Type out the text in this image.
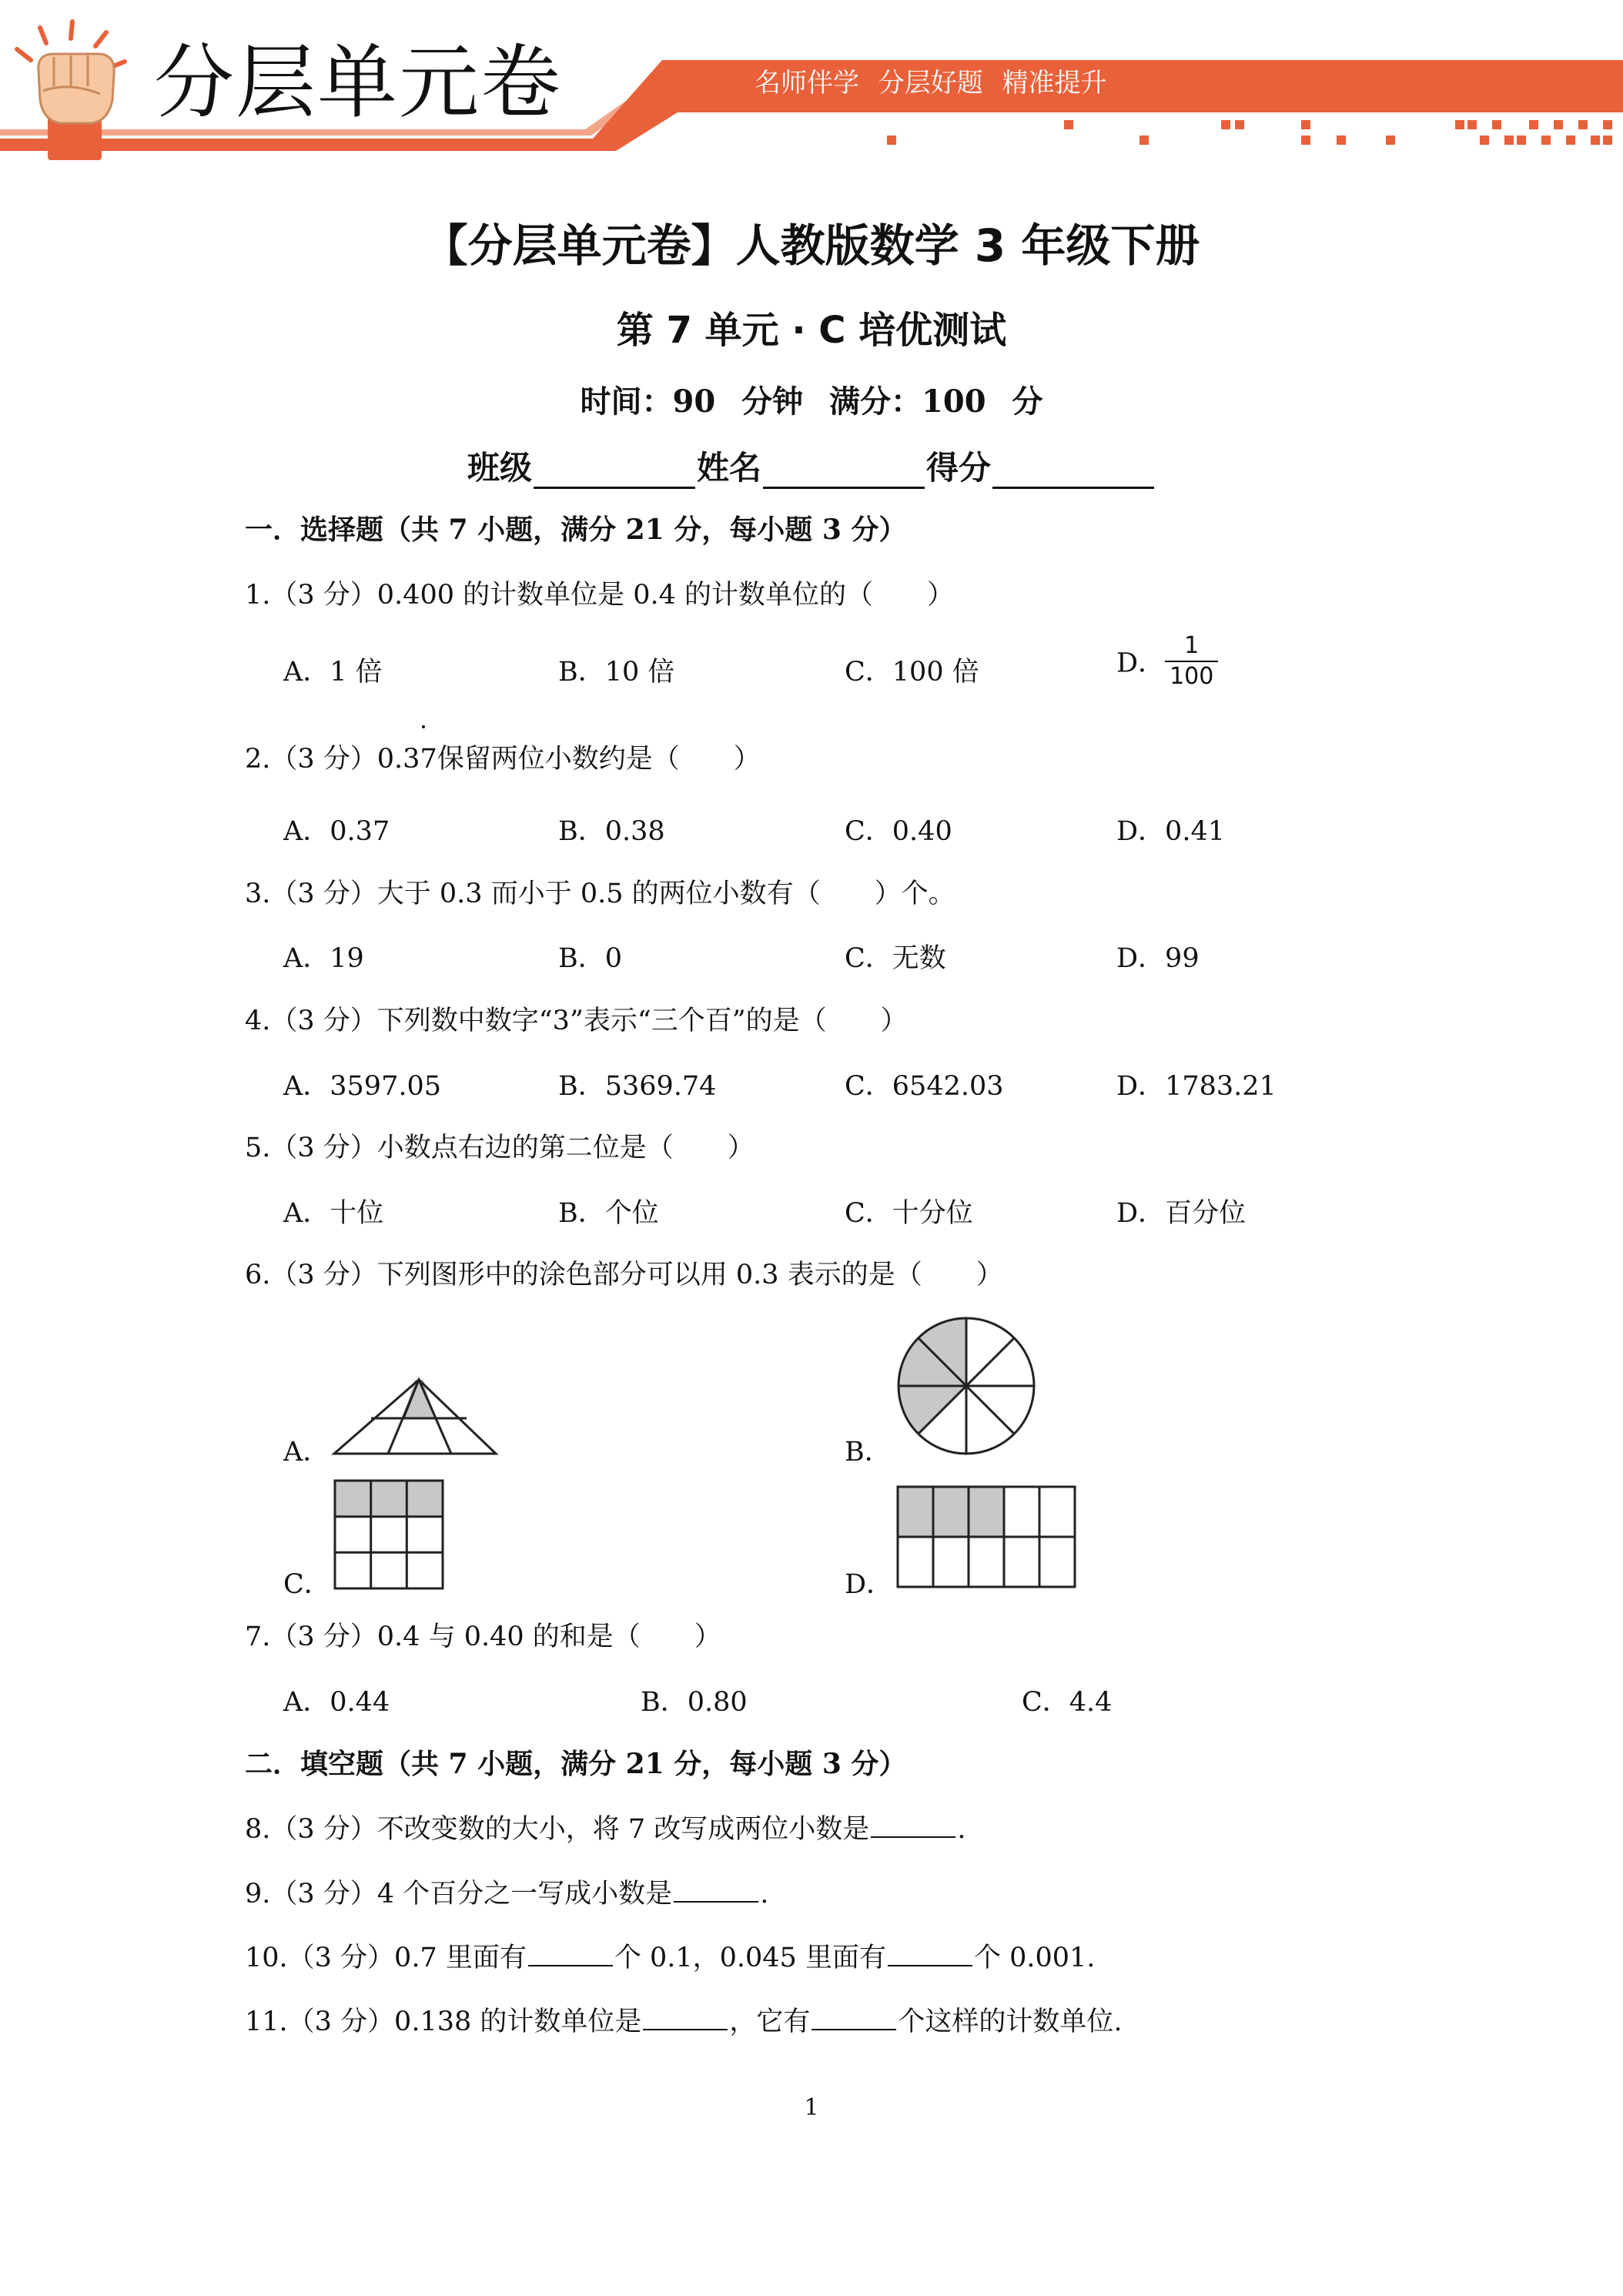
分层单元卷	名师伴学 分层好题 精准提升
【分层单元卷】人教版数学 3 年级下册
第 7 单元 · C 培优测试
时间：90 分钟 满分：100 分
班级	姓名	得分
一．选择题（共 7 小题，满分 21 分，每小题 3 分）
1.（3 分）0.400 的计数单位是 0.4 的计数单位的（　　）
A．1 倍	B．10 倍	C．100 倍	D． $\frac{1}{100}$
2.（3 分）0.37保留两位小数约是（　　）
A．0.37	B．0.38	C．0.40	D．0.41
3.（3 分）大于 0.3 而小于 0.5 的两位小数有（　　）个。
A．19	B．0	C．无数	D．99
4.（3 分）下列数中数字“3”表示“三个百”的是（　　）
A．3597.05	B．5369.74	C．6542.03	D．1783.21
5.（3 分）小数点右边的第二位是（　　）
A．十位	B．个位	C．十分位	D．百分位
6.（3 分）下列图形中的涂色部分可以用 0.3 表示的是（　　）
A．	B．
C．	D．
7.（3 分）0.4 与 0.40 的和是（　　）
A．0.44	B．0.80	C．4.4
二．填空题（共 7 小题，满分 21 分，每小题 3 分）
8.（3 分）不改变数的大小，将 7 改写成两位小数是	.
9.（3 分）4 个百分之一写成小数是	.
10.（3 分）0.7 里面有	个 0.1，0.045 里面有	个 0.001.
11.（3 分）0.138 的计数单位是	，它有	个这样的计数单位.
1
